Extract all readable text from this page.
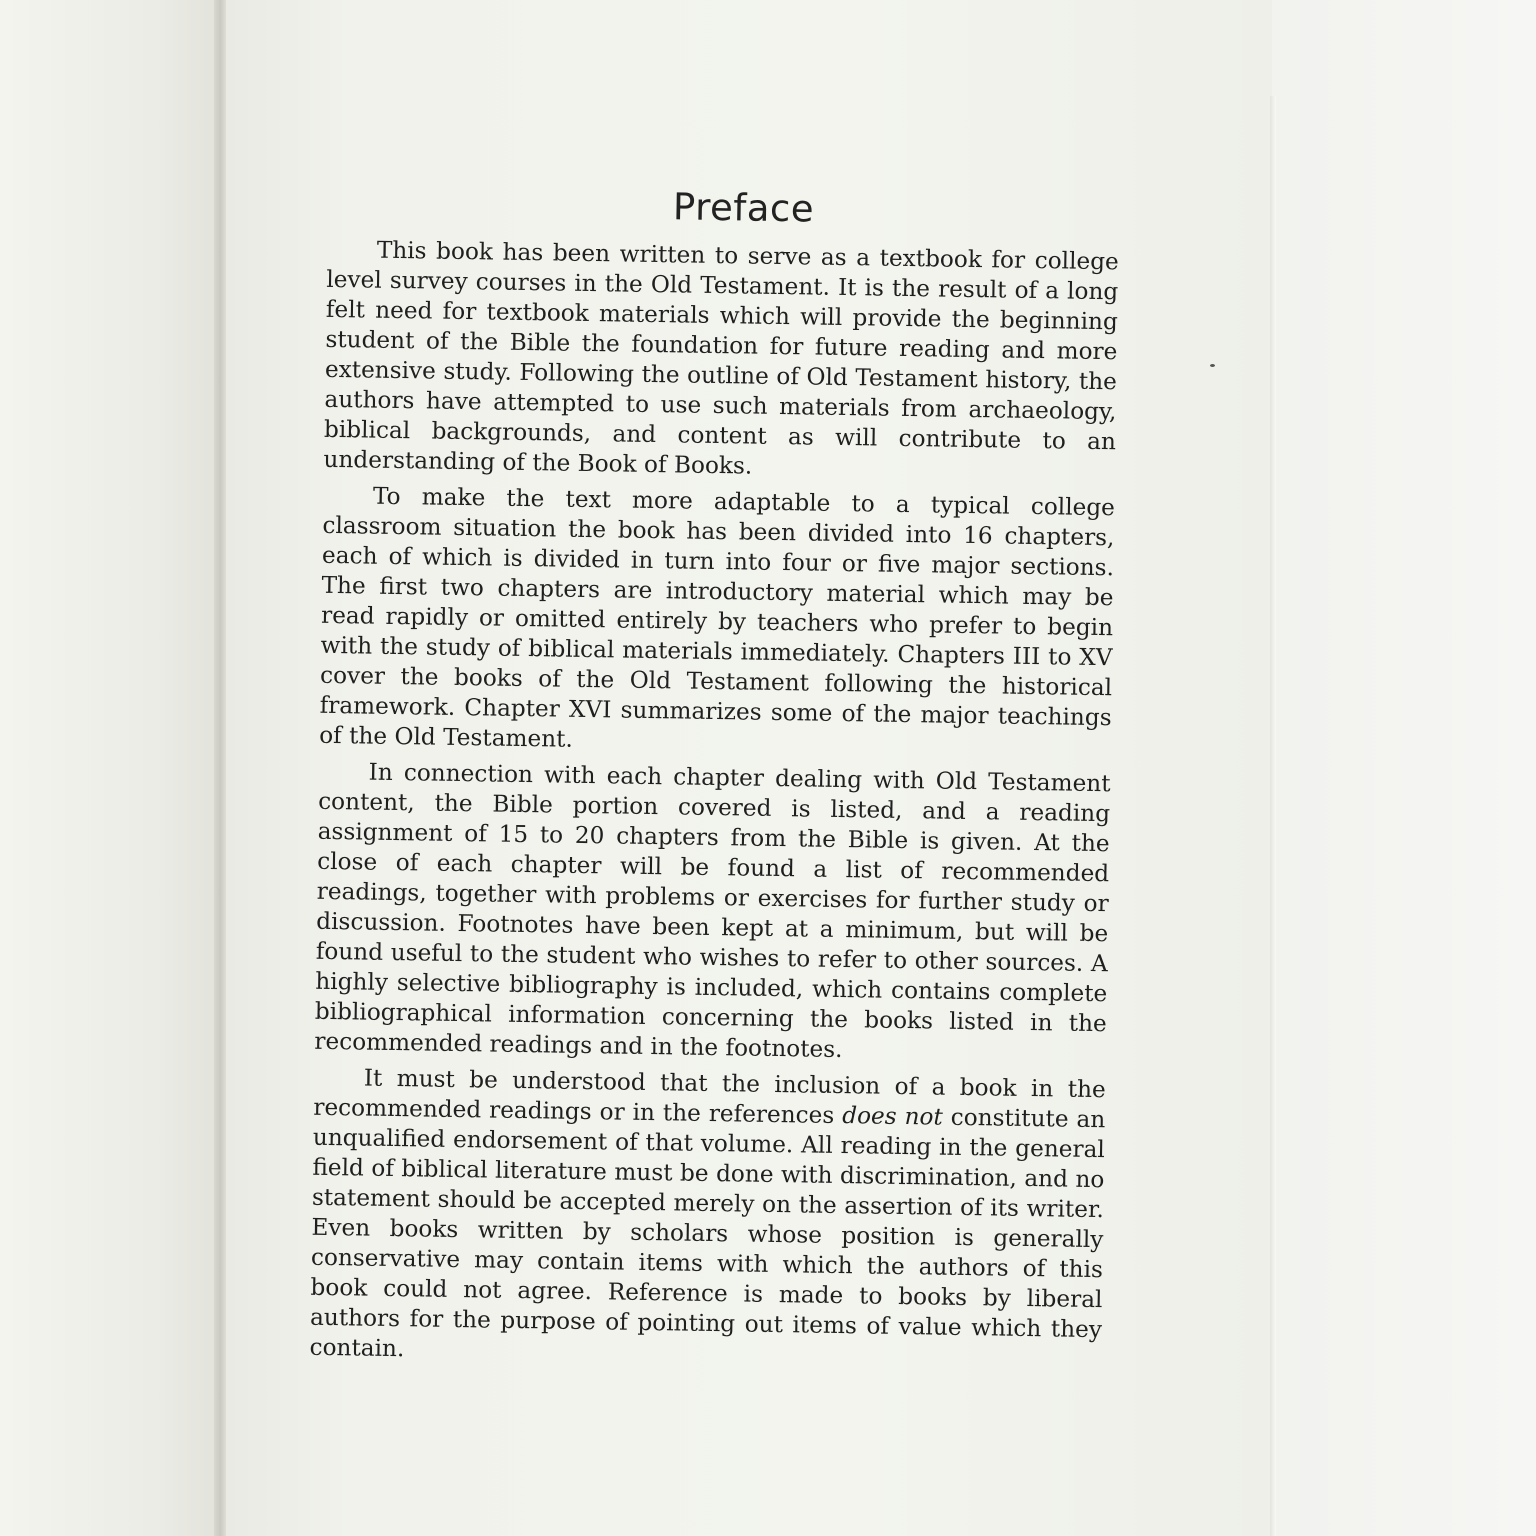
Preface

This book has been written to serve as a textbook for college level survey courses in the Old Testament. It is the result of a long felt need for textbook materials which will provide the beginning student of the Bible the foundation for future reading and more extensive study. Following the outline of Old Testament history, the authors have attempted to use such materials from archaeology, biblical backgrounds, and content as will contribute to an understanding of the Book of Books.

To make the text more adaptable to a typical college classroom situation the book has been divided into 16 chapters, each of which is divided in turn into four or five major sections. The first two chapters are introductory material which may be read rapidly or omitted entirely by teachers who prefer to begin with the study of biblical materials immediately. Chapters III to XV cover the books of the Old Testament following the historical framework. Chapter XVI summarizes some of the major teachings of the Old Testament.

In connection with each chapter dealing with Old Testament content, the Bible portion covered is listed, and a reading assignment of 15 to 20 chapters from the Bible is given. At the close of each chapter will be found a list of recommended readings, together with problems or exercises for further study or discussion. Footnotes have been kept at a minimum, but will be found useful to the student who wishes to refer to other sources. A highly selective bibliography is included, which contains complete bibliographical information concerning the books listed in the recommended readings and in the footnotes.

It must be understood that the inclusion of a book in the recommended readings or in the references does not constitute an unqualified endorsement of that volume. All reading in the general field of biblical literature must be done with discrimination, and no statement should be accepted merely on the assertion of its writer. Even books written by scholars whose position is generally conservative may contain items with which the authors of this book could not agree. Reference is made to books by liberal authors for the purpose of pointing out items of value which they contain.
